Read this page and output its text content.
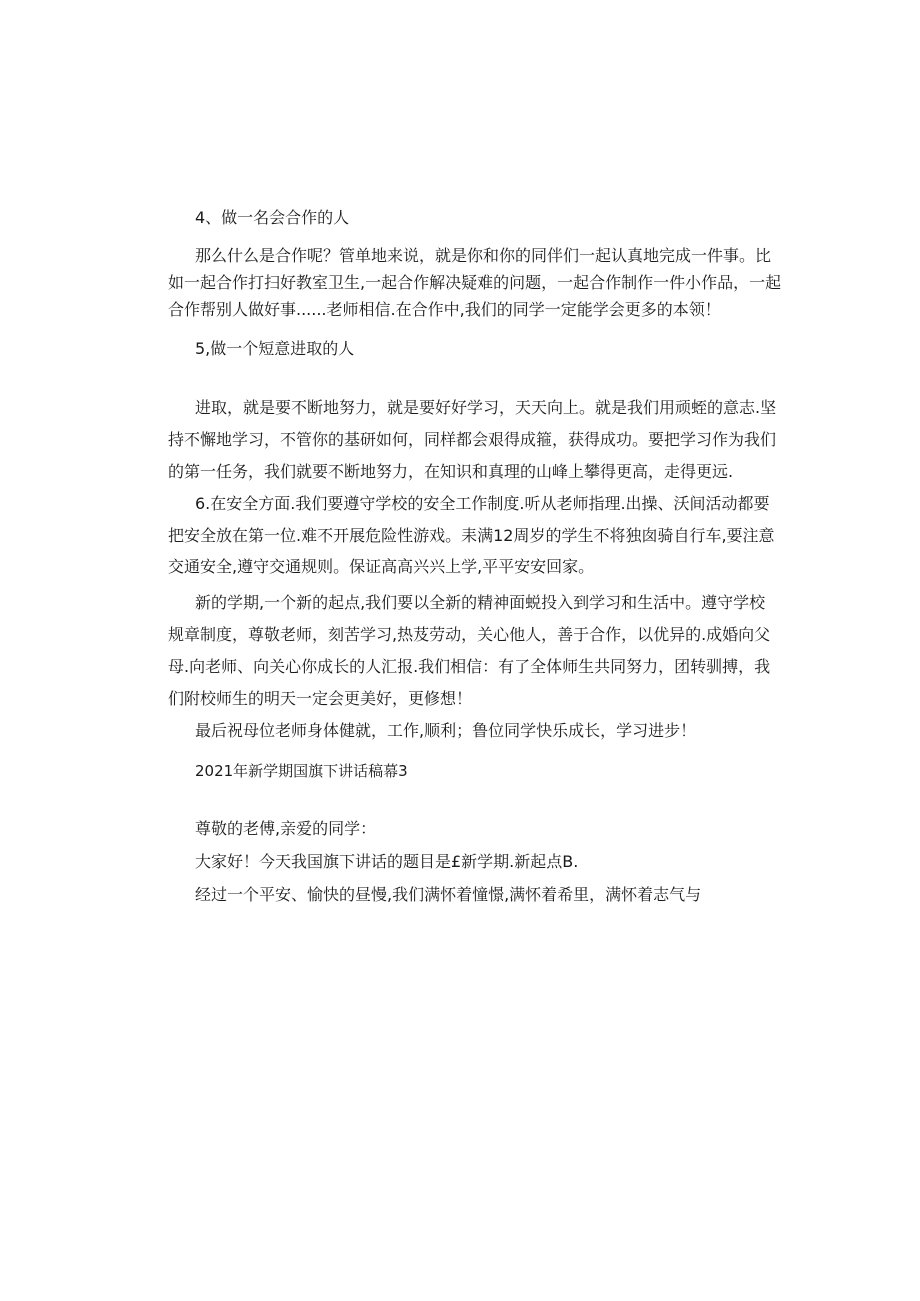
4、做一名会合作的人
那么什么是合作呢？管单地来说，就是你和你的同伴们一起认真地完成一件事。比
如一起合作打扫好教室卫生,一起合作解决疑难的问题，一起合作制作一件小作品，一起
合作帮别人做好事......老师相信.在合作中,我们的同学一定能学会更多的本领！
5,做一个短意进取的人
进取，就是要不断地努力，就是要好好学习，天天向上。就是我们用顽蛭的意志.坚
持不懈地学习，不管你的基研如何，同样都会艰得成箍，获得成功。要把学习作为我们
的第一任务，我们就要不断地努力，在知识和真理的山峰上攀得更高，走得更远.
6.在安全方面.我们要遵守学校的安全工作制度.听从老师指理.出操、沃间活动都要
把安全放在第一位.难不开展危险性游戏。耒满12周岁的学生不将独囱骑自行车,要注意
交通安全,遵守交通规则。保证高高兴兴上学,平平安安回家。
新的学期,一个新的起点,我们要以全新的精神面蜕投入到学习和生活中。遵守学校
规章制度，尊敬老师，刻苦学习,热芨劳动，关心他人，善于合作，以优异的.成婚向父
母.向老师、向关心你成长的人汇报.我们相信：有了全体师生共同努力，团转驯搏，我
们附校师生的明天一定会更美好，更修想！
最后祝母位老师身体健就，工作,顺利；鲁位同学快乐成长，学习进步！
2021年新学期国旗下讲话稿幕3
尊敬的老傅,亲爱的同学：
大家好！今天我国旗下讲话的题目是£新学期.新起点B.
经过一个平安、愉快的昼慢,我们满怀着憧憬,满怀着希里，满怀着志气与
